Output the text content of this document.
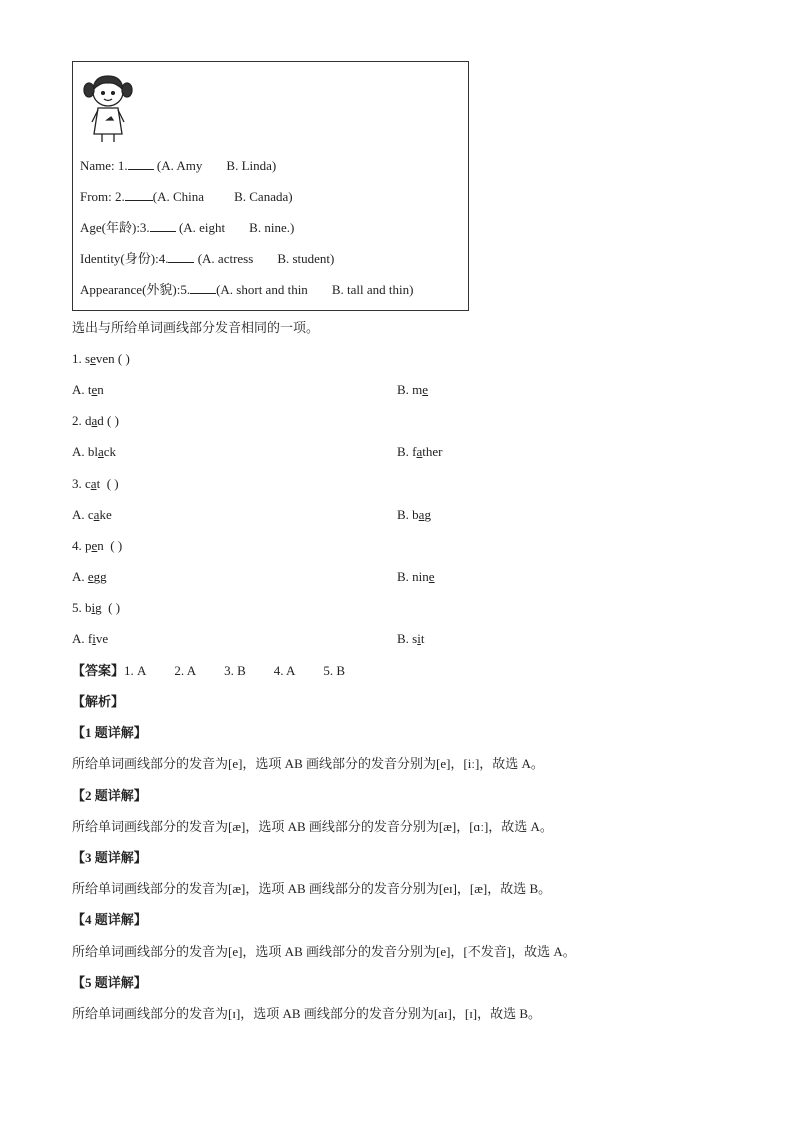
Name: 1. (A. Amy B. Linda)
From: 2. (A. China B. Canada)
Age(年龄):3. (A. eight B. nine.)
Identity(身份):4. (A. actress B. student)
Appearance(外貌):5. (A. short and thin B. tall and thin)
选出与所给单词画线部分发音相同的一项。
1. seven ( )
A. ten	B. me
2. dad ( )
A. black	B. father
3. cat ( )
A. cake	B. bag
4. pen ( )
A. egg	B. nine
5. big ( )
A. five	B. sit
【答案】1. A 2. A 3. B 4. A 5. B
【解析】
【1 题详解】
所给单词画线部分的发音为[e]，选项 AB 画线部分的发音分别为[e]，[iː]，故选 A。
【2 题详解】
所给单词画线部分的发音为[æ]，选项 AB 画线部分的发音分别为[æ]，[ɑː]，故选 A。
【3 题详解】
所给单词画线部分的发音为[æ]，选项 AB 画线部分的发音分别为[eɪ]，[æ]，故选 B。
【4 题详解】
所给单词画线部分的发音为[e]，选项 AB 画线部分的发音分别为[e]，[不发音]，故选 A。
【5 题详解】
所给单词画线部分的发音为[ɪ]，选项 AB 画线部分的发音分别为[aɪ]，[ɪ]，故选 B。
